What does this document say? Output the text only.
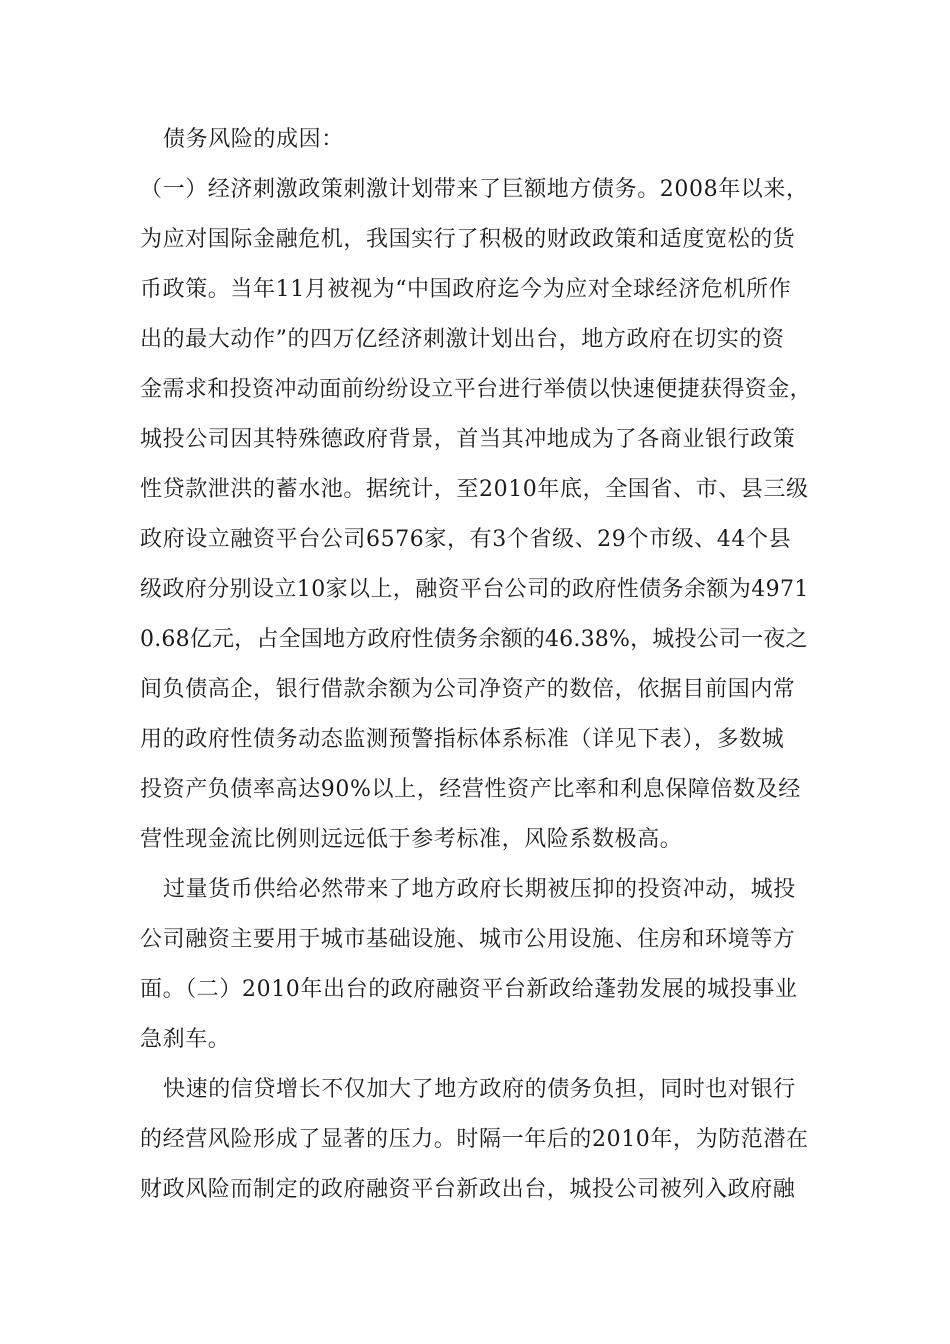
债务风险的成因：
（一）经济刺激政策刺激计划带来了巨额地方债务。2008年以来，
为应对国际金融危机，我国实行了积极的财政政策和适度宽松的货
币政策。当年11月被视为“中国政府迄今为应对全球经济危机所作
出的最大动作”的四万亿经济刺激计划出台，地方政府在切实的资
金需求和投资冲动面前纷纷设立平台进行举债以快速便捷获得资金，
城投公司因其特殊德政府背景，首当其冲地成为了各商业银行政策
性贷款泄洪的蓄水池。据统计，至2010年底，全国省、市、县三级
政府设立融资平台公司6576家，有3个省级、29个市级、44个县
级政府分别设立10家以上，融资平台公司的政府性债务余额为4971
0.68亿元，占全国地方政府性债务余额的46.38%，城投公司一夜之
间负债高企，银行借款余额为公司净资产的数倍，依据目前国内常
用的政府性债务动态监测预警指标体系标准（详见下表），多数城
投资产负债率高达90%以上，经营性资产比率和利息保障倍数及经
营性现金流比例则远远低于参考标准，风险系数极高。
过量货币供给必然带来了地方政府长期被压抑的投资冲动，城投
公司融资主要用于城市基础设施、城市公用设施、住房和环境等方
面。（二）2010年出台的政府融资平台新政给蓬勃发展的城投事业
急刹车。
快速的信贷增长不仅加大了地方政府的债务负担，同时也对银行
的经营风险形成了显著的压力。时隔一年后的2010年，为防范潜在
财政风险而制定的政府融资平台新政出台，城投公司被列入政府融
